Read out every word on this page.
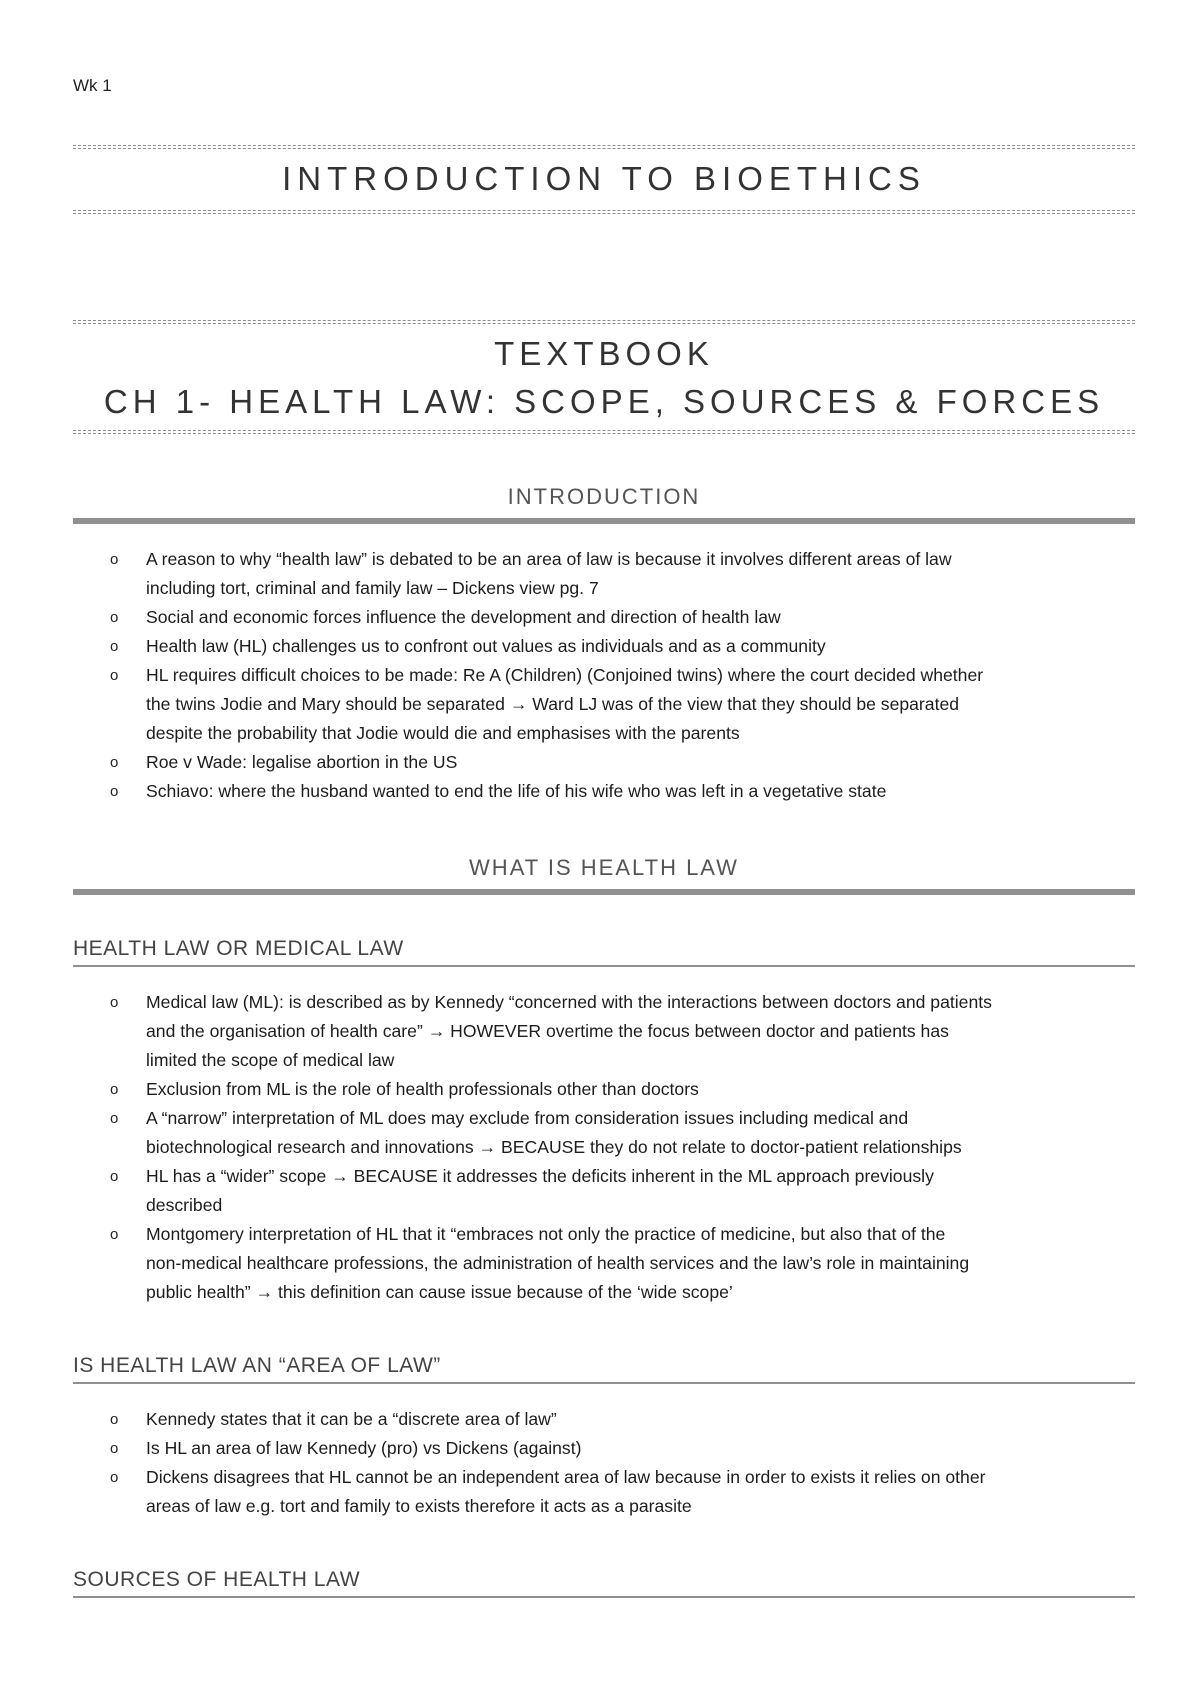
Wk 1
INTRODUCTION TO BIOETHICS
TEXTBOOK
CH 1- HEALTH LAW: SCOPE, SOURCES & FORCES
INTRODUCTION
o A reason to why “health law” is debated to be an area of law is because it involves different areas of law
including tort, criminal and family law – Dickens view pg. 7
o Social and economic forces influence the development and direction of health law
o Health law (HL) challenges us to confront out values as individuals and as a community
o HL requires difficult choices to be made: Re A (Children) (Conjoined twins) where the court decided whether
the twins Jodie and Mary should be separated → Ward LJ was of the view that they should be separated
despite the probability that Jodie would die and emphasises with the parents
o Roe v Wade: legalise abortion in the US
o Schiavo: where the husband wanted to end the life of his wife who was left in a vegetative state
WHAT IS HEALTH LAW
HEALTH LAW OR MEDICAL LAW
o Medical law (ML): is described as by Kennedy “concerned with the interactions between doctors and patients
and the organisation of health care” → HOWEVER overtime the focus between doctor and patients has
limited the scope of medical law
o Exclusion from ML is the role of health professionals other than doctors
o A “narrow” interpretation of ML does may exclude from consideration issues including medical and
biotechnological research and innovations → BECAUSE they do not relate to doctor-patient relationships
o HL has a “wider” scope → BECAUSE it addresses the deficits inherent in the ML approach previously
described
o Montgomery interpretation of HL that it “embraces not only the practice of medicine, but also that of the
non-medical healthcare professions, the administration of health services and the law’s role in maintaining
public health” → this definition can cause issue because of the ‘wide scope’
IS HEALTH LAW AN “AREA OF LAW”
o Kennedy states that it can be a “discrete area of law”
o Is HL an area of law Kennedy (pro) vs Dickens (against)
o Dickens disagrees that HL cannot be an independent area of law because in order to exists it relies on other
areas of law e.g. tort and family to exists therefore it acts as a parasite
SOURCES OF HEALTH LAW
